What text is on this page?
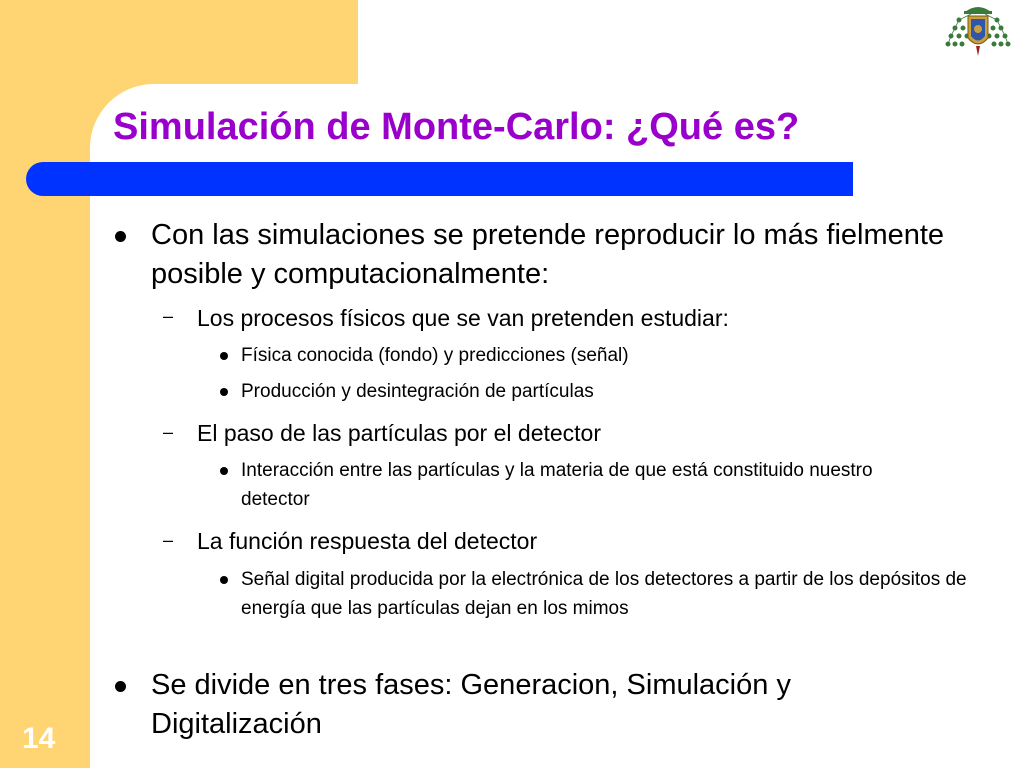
Simulación de Monte-Carlo: ¿Qué es?
Con las simulaciones se pretende reproducir lo más fielmente posible y computacionalmente:
– Los procesos físicos que se van pretenden estudiar:
Física conocida (fondo) y predicciones (señal)
Producción y desintegración de partículas
– El paso de las partículas por el detector
Interacción entre las partículas y la materia de que está constituido nuestro detector
– La función respuesta del detector
Señal digital producida por la electrónica de los detectores a partir de los depósitos de energía que las partículas dejan en los mimos
Se divide en tres fases: Generacion, Simulación y Digitalización
14
